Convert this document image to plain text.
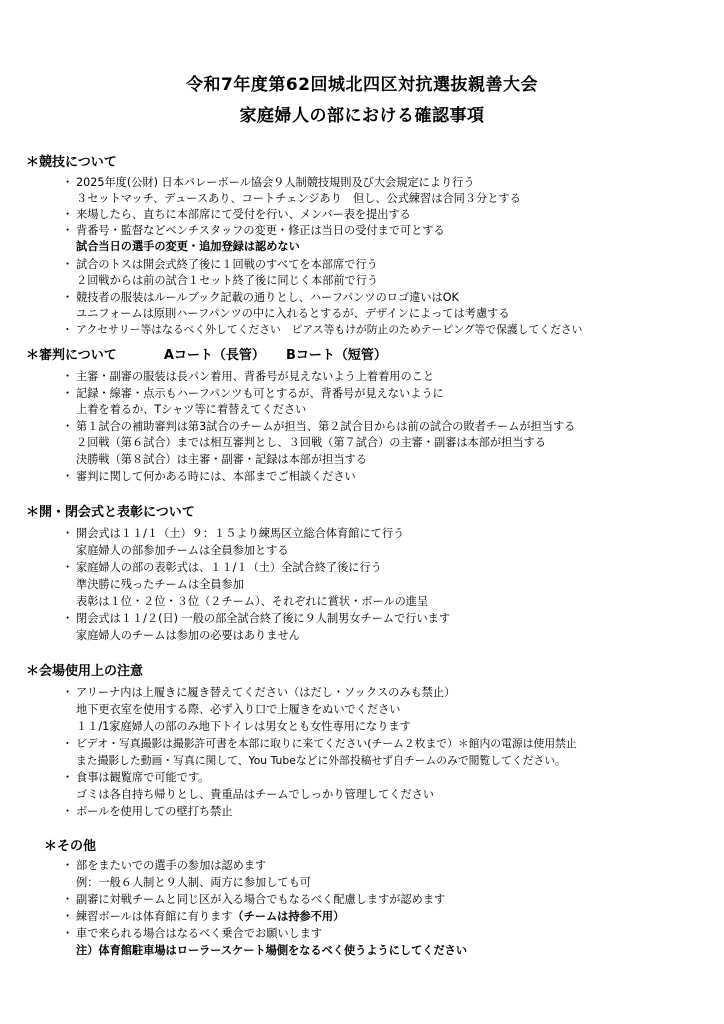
令和7年度第62回城北四区対抗選抜親善大会
家庭婦人の部における確認事項
＊競技について
・ 2025年度(公財) 日本バレーボール協会９人制競技規則及び大会規定により行う
３セットマッチ、デュースあり、コートチェンジあり　但し、公式練習は合同３分とする
・ 来場したら、直ちに本部席にて受付を行い、メンバー表を提出する
・ 背番号・監督などベンチスタッフの変更・修正は当日の受付まで可とする
試合当日の選手の変更・追加登録は認めない
・ 試合のトスは開会式終了後に１回戦のすべてを本部席で行う
２回戦からは前の試合１セット終了後に同じく本部前で行う
・ 競技者の服装はルールブック記載の通りとし、ハーフパンツのロゴ違いはOK
ユニフォームは原則ハーフパンツの中に入れるとするが、デザインによっては考慮する
・ アクセサリー等はなるべく外してください　ピアス等もけが防止のためテーピング等で保護してください
＊審判について	Aコート（長管） Bコート（短管）
・ 主審・副審の服装は長パン着用、背番号が見えないよう上着着用のこと
・ 記録・線審・点示もハーフパンツも可とするが、背番号が見えないように
上着を着るか、Tシャツ等に着替えてください
・ 第１試合の補助審判は第3試合のチームが担当、第２試合目からは前の試合の敗者チームが担当する
２回戦（第６試合）までは相互審判とし、３回戦（第７試合）の主審・副審は本部が担当する
決勝戦（第８試合）は主審・副審・記録は本部が担当する
・ 審判に関して何かある時には、本部までご相談ください
＊開・閉会式と表彰について
・ 開会式は１１/１（土）９：１５より練馬区立総合体育館にて行う
家庭婦人の部参加チームは全員参加とする
・ 家庭婦人の部の表彰式は、１１/１（土）全試合終了後に行う
準決勝に残ったチームは全員参加
表彰は１位・２位・３位（２チーム）、それぞれに賞状・ボールの進呈
・ 閉会式は１１/２(日) 一般の部全試合終了後に９人制男女チームで行います
家庭婦人のチームは参加の必要はありません
＊会場使用上の注意
・ アリーナ内は上履きに履き替えてください（はだし・ソックスのみも禁止）
地下更衣室を使用する際、必ず入り口で上履きをぬいでください
１１/1家庭婦人の部のみ地下トイレは男女とも女性専用になります
・ ビデオ・写真撮影は撮影許可書を本部に取りに来てください(チーム２枚まで）＊館内の電源は使用禁止
また撮影した動画・写真に関して、You Tubeなどに外部投稿せず自チームのみで閲覧してください。
・ 食事は観覧席で可能です。
ゴミは各自持ち帰りとし、貴重品はチームでしっかり管理してください
・ ボールを使用しての壁打ち禁止
＊その他
・ 部をまたいでの選手の参加は認めます
例：一般６人制と９人制、両方に参加しても可
・ 副審に対戦チームと同じ区が入る場合でもなるべく配慮しますが認めます
・ 練習ボールは体育館に有ります（チームは持参不用）
・ 車で来られる場合はなるべく乗合でお願いします
注）体育館駐車場はローラースケート場側をなるべく使うようにしてください
